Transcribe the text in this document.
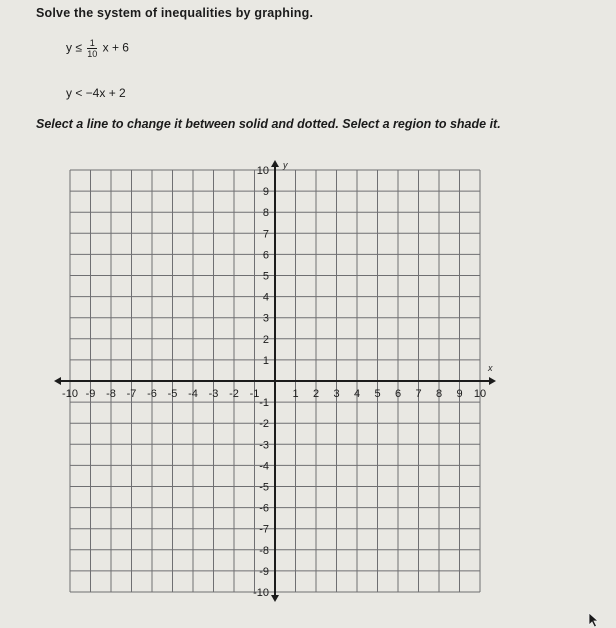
Solve the system of inequalities by graphing.
$y \le \frac{1}{10}$ x + 6
y < −4x + 2
Select a line to change it between solid and dotted. Select a region to shade it.
x
y
-10 -9 -8 -7 -6 -5 -4 -3 -2 -1	1 2 3 4 5 6 7 8 9 10
10
9
8
7
6
5
4
3
2
1
-1
-2
-3
-4
-5
-6
-7
-8
-9
-10
